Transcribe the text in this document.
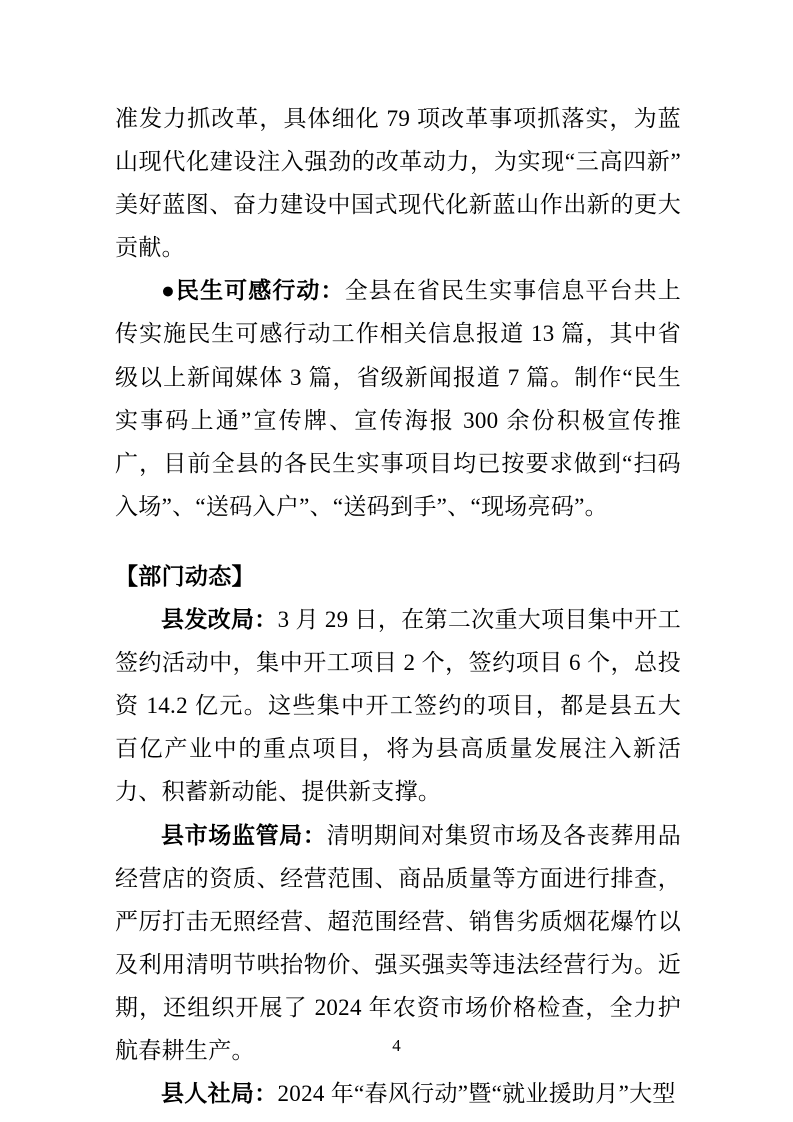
准发力抓改革，具体细化 79 项改革事项抓落实，为蓝山现代化建设注入强劲的改革动力，为实现“三高四新”美好蓝图、奋力建设中国式现代化新蓝山作出新的更大贡献。

●民生可感行动：全县在省民生实事信息平台共上传实施民生可感行动工作相关信息报道 13 篇，其中省级以上新闻媒体 3 篇，省级新闻报道 7 篇。制作“民生实事码上通”宣传牌、宣传海报 300 余份积极宣传推广，目前全县的各民生实事项目均已按要求做到“扫码入场”、“送码入户”、“送码到手”、“现场亮码”。

【部门动态】

县发改局：3 月 29 日，在第二次重大项目集中开工签约活动中，集中开工项目 2 个，签约项目 6 个，总投资 14.2 亿元。这些集中开工签约的项目，都是县五大百亿产业中的重点项目，将为县高质量发展注入新活力、积蓄新动能、提供新支撑。

县市场监管局：清明期间对集贸市场及各丧葬用品经营店的资质、经营范围、商品质量等方面进行排查，严厉打击无照经营、超范围经营、销售劣质烟花爆竹以及利用清明节哄抬物价、强买强卖等违法经营行为。近期，还组织开展了 2024 年农资市场价格检查，全力护航春耕生产。

县人社局：2024 年“春风行动”暨“就业援助月”大型

4
